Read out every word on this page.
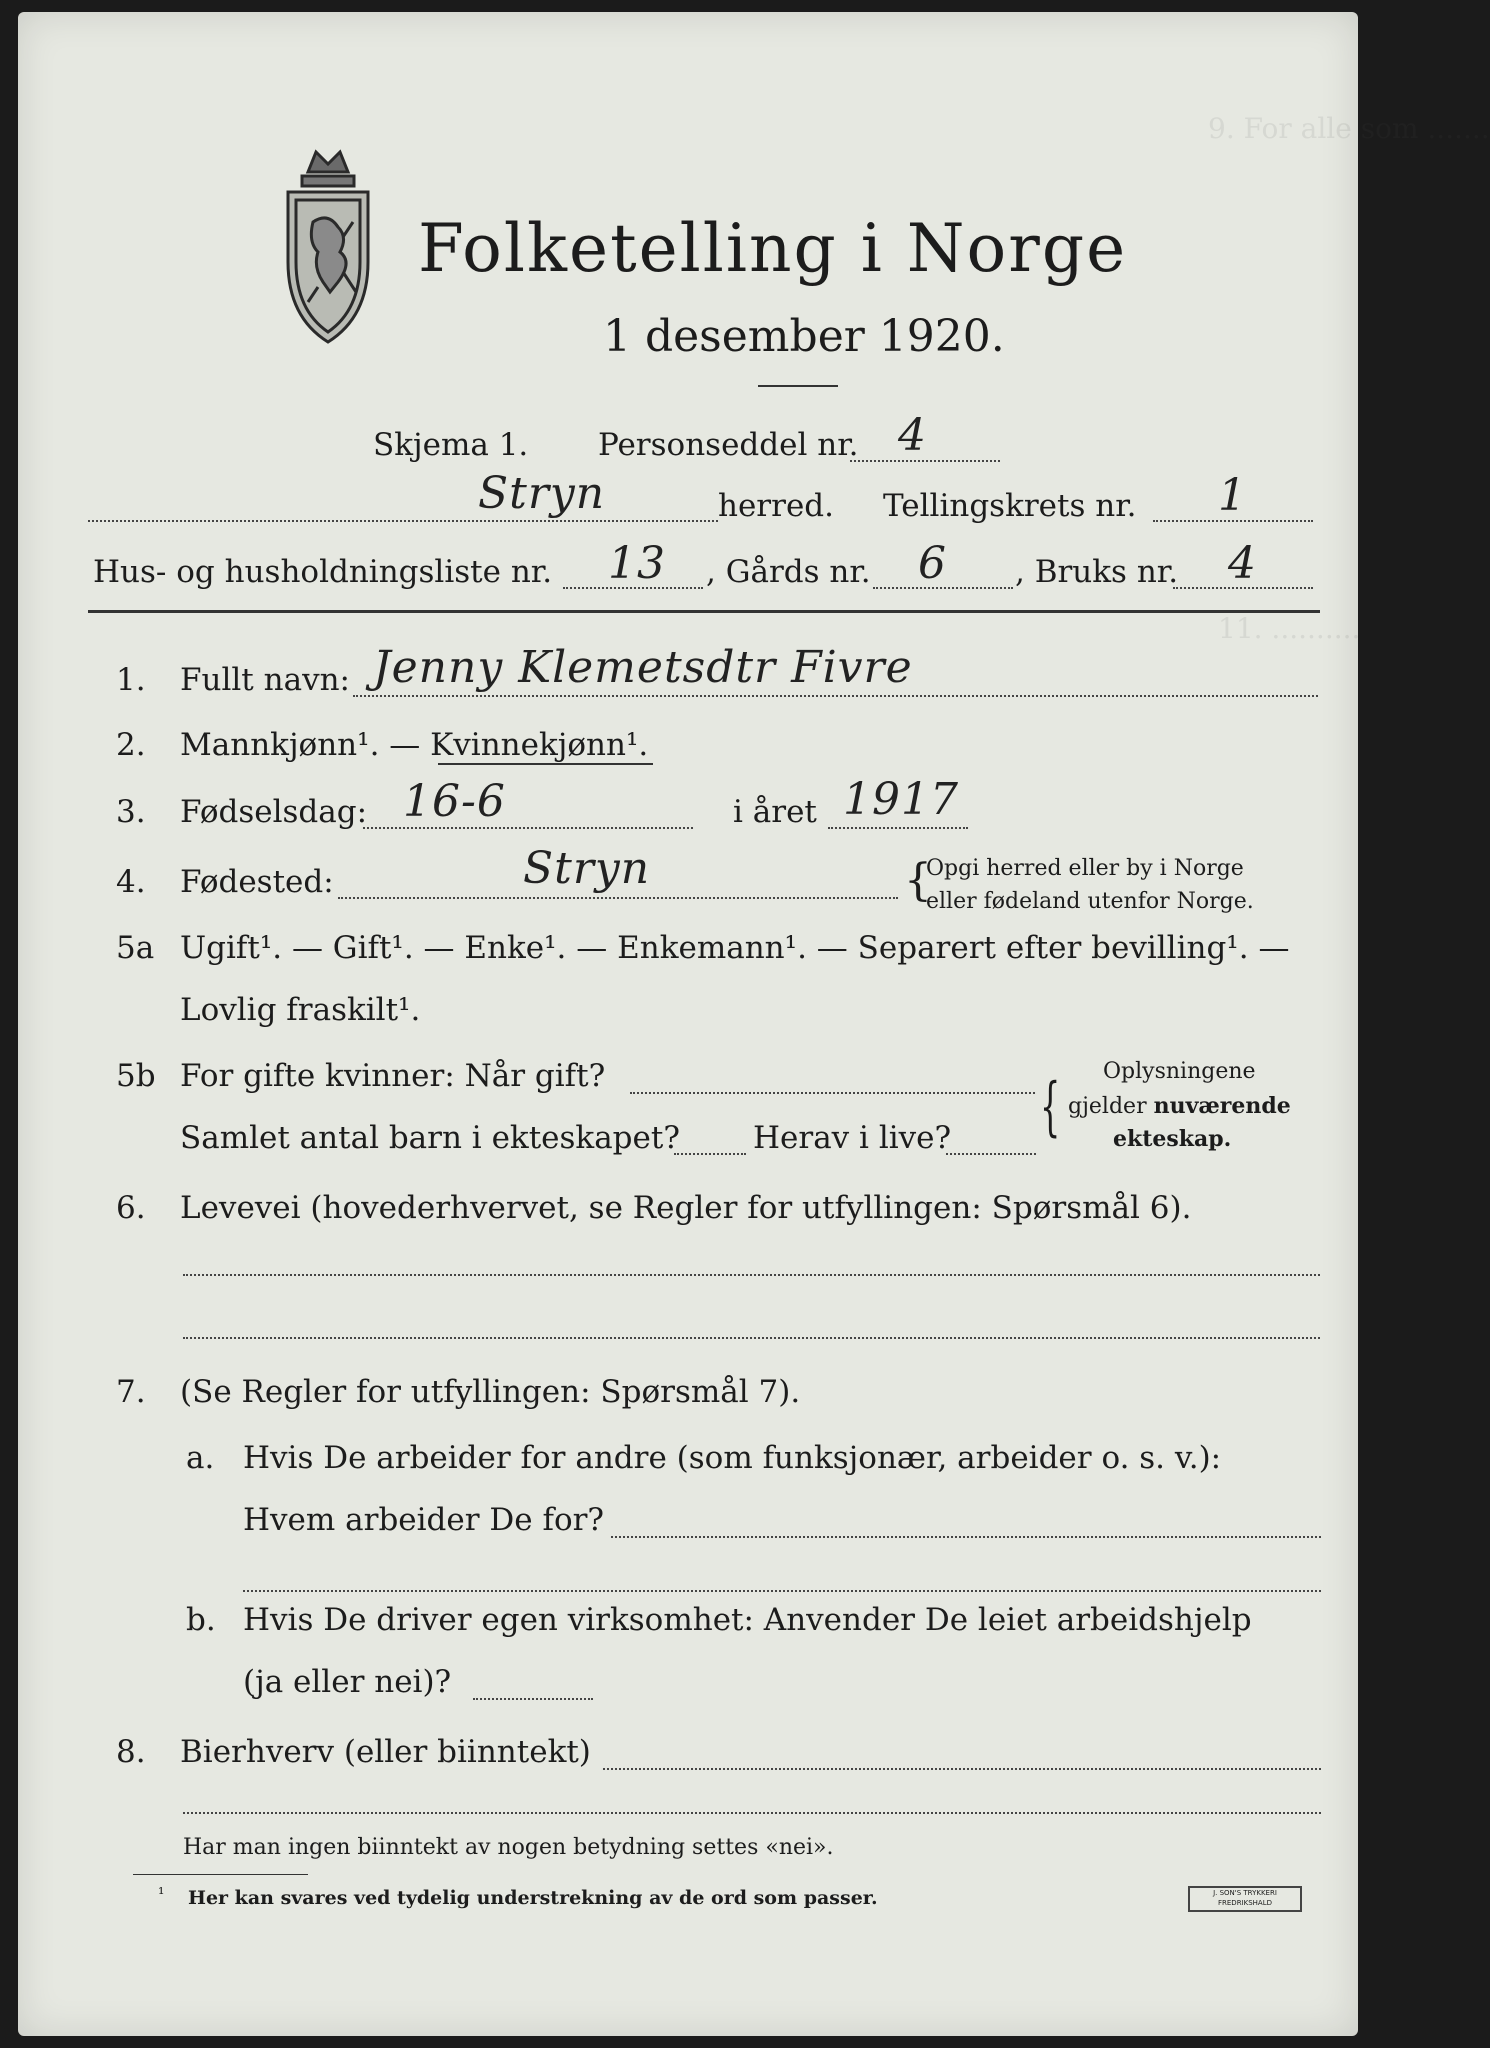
9. For alle som .......
11. ..........
Folketelling i Norge
1 desember 1920.
Skjema 1. Personseddel nr. 4
Stryn	herred. Tellingskrets nr. 1
Hus- og husholdningsliste nr. 13 , Gårds nr. 6 , Bruks nr. 4
1. Fullt navn: Jenny Klemetsdtr Fivre
2. Mannkjønn¹. — Kvinnekjønn¹.
3. Fødselsdag: 16-6	i året 1917
4. Fødested:	Stryn	{
Opgi herred eller by i Norge
eller fødeland utenfor Norge.
5a Ugift¹. — Gift¹. — Enke¹. — Enkemann¹. — Separert efter bevilling¹. —
Lovlig fraskilt¹.
5b For gifte kvinner: Når gift?
Samlet antal barn i ekteskapet? Herav i live? { Oplysningene
gjelder nuværende
ekteskap.
6. Levevei (hovederhvervet, se Regler for utfyllingen: Spørsmål 6).
7. (Se Regler for utfyllingen: Spørsmål 7).
a. Hvis De arbeider for andre (som funksjonær, arbeider o. s. v.):
Hvem arbeider De for?
b. Hvis De driver egen virksomhet: Anvender De leiet arbeidshjelp
(ja eller nei)?
8. Bierhverv (eller biinntekt)
Har man ingen biinntekt av nogen betydning settes «nei».
¹ Her kan svares ved tydelig understrekning av de ord som passer.	J. SON'S TRYKKERI FREDRIKSHALD
